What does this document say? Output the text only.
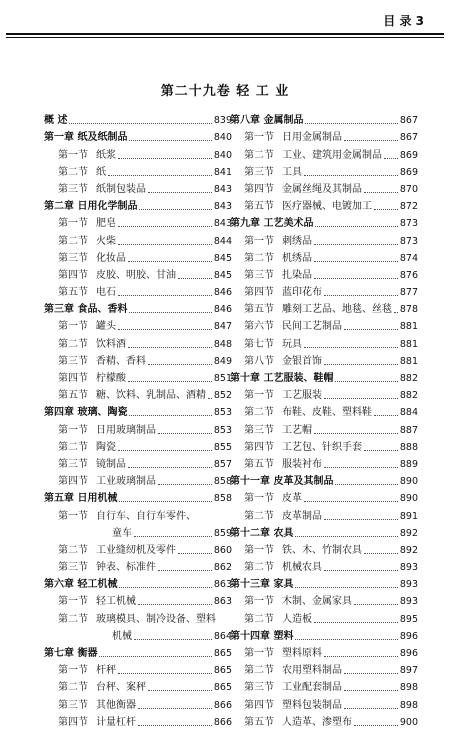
目 录 3
第二十九卷 轻 工 业
概 述	839
第一章 纸及纸制品	840
第一节 纸浆	840
第二节 纸	841
第三节 纸制包装品	843
第二章 日用化学制品	843
第一节 肥皂	843
第二节 火柴	844
第三节 化妆品	845
第四节 皮胶、明胶、甘油	845
第五节 电石	846
第三章 食品、香料	846
第一节 罐头	847
第二节 饮料酒	848
第三节 香精、香料	849
第四节 柠檬酸	851
第五节 糖、饮料、乳制品、酒精 852
第四章 玻璃、陶瓷	853
第一节 日用玻璃制品	853
第二节 陶瓷	855
第三节 镜制品	857
第四节 工业玻璃制品	858
第五章 日用机械	858
第一节 自行车、自行车零件、
童车	859
第二节 工业缝纫机及零件	860
第三节 钟表、标准件	862
第六章 轻工机械	863
第一节 轻工机械	863
第二节 玻璃模具、制冷设备、塑料
机械	864
第七章 衡器	865
第一节 杆秤	865
第二节 台秤、案秤	865
第三节 其他衡器	866
第四节 计量杠杆	866
第八章 金属制品	867
第一节 日用金属制品	867
第二节 工业、建筑用金属制品 869
第三节 工具	869
第四节 金属丝绳及其制品	870
第五节 医疗器械、电镀加工	872
第九章 工艺美术品	873
第一节 刺绣品	873
第二节 机绣品	874
第三节 扎染品	876
第四节 蓝印花布	877
第五节 雕刻工艺品、地毯、丝毯 878
第六节 民间工艺制品	881
第七节 玩具	881
第八节 金银首饰	881
第十章 工艺服装、鞋帽	882
第一节 工艺服装	882
第二节 布鞋、皮鞋、塑料鞋	884
第三节 工艺帽	887
第四节 工艺包、针织手套	888
第五节 服装衬布	889
第十一章 皮革及其制品	890
第一节 皮革	890
第二节 皮革制品	891
第十二章 农具	892
第一节 铁、木、竹制农具	892
第二节 机械农具	893
第十三章 家具	893
第一节 木制、金属家具	893
第二节 人造板	895
第十四章 塑料	896
第一节 塑料原料	896
第二节 农用塑料制品	897
第三节 工业配套制品	898
第四节 塑料包装制品	898
第五节 人造革、渗塑布	900
